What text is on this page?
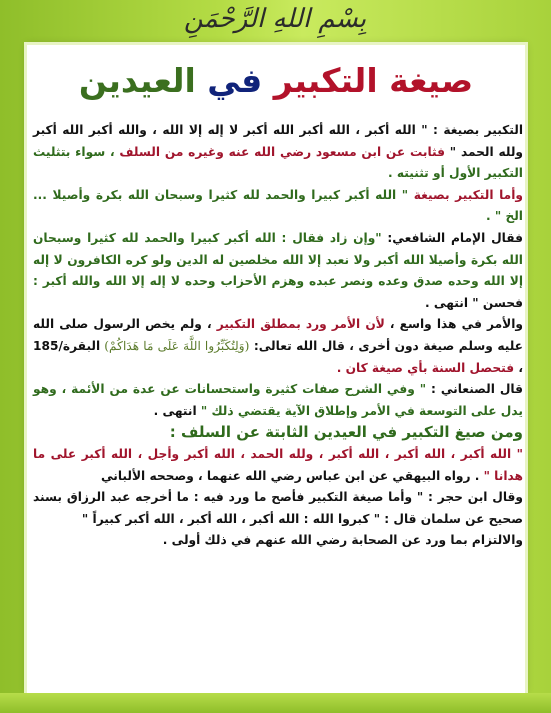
بِسْمِ اللهِ الرَّحْمَنِ
صيغة التكبير في العيدين

التكبير بصيغة : " الله أكبر ، الله أكبر الله أكبر لا إله إلا الله ، والله أكبر الله أكبر ولله الحمد " فثابت عن ابن مسعود رضي الله عنه وغيره من السلف ، سواء بتثليث التكبير الأول أو تثنيته .

وأما التكبير بصيغة " الله أكبر كبيرا والحمد لله كثيرا وسبحان الله بكرة وأصيلا ... الخ " .

فقال الإمام الشافعي: "وإن زاد فقال : الله أكبر كبيرا والحمد لله كثيرا وسبحان الله بكرة وأصيلا الله أكبر ولا نعبد إلا الله مخلصين له الدين ولو كره الكافرون لا إله إلا الله وحده صدق وعده ونصر عبده وهزم الأحزاب وحده لا إله إلا الله والله أكبر : فحسن " انتهى .

والأمر في هذا واسع ، لأن الأمر ورد بمطلق التكبير ، ولم يخص الرسول صلى الله عليه وسلم صيغة دون أخرى ، قال الله تعالى: (وَلِتُكَبِّرُوا اللَّهَ عَلَى مَا هَدَاكُمْ) البقرة/185 ، فتحصل السنة بأي صيغة كان .

قال الصنعاني : " وفي الشرح صفات كثيرة واستحسانات عن عدة من الأئمة ، وهو يدل على التوسعة في الأمر وإطلاق الآية يقتضي ذلك " انتهى .

ومن صيغ التكبير في العيدين الثابتة عن السلف :

" الله أكبر ، الله أكبر ، الله أكبر ، ولله الحمد ، الله أكبر وأجل ، الله أكبر على ما هدانا " . رواه البيهقي عن ابن عباس رضي الله عنهما ، وصححه الألباني

وقال ابن حجر : " وأما صيغة التكبير فأصح ما ورد فيه : ما أخرجه عبد الرزاق بسند صحيح عن سلمان قال : " كبروا الله : الله أكبر ، الله أكبر ، الله أكبر كبيراً "

والالتزام بما ورد عن الصحابة رضي الله عنهم في ذلك أولى .
